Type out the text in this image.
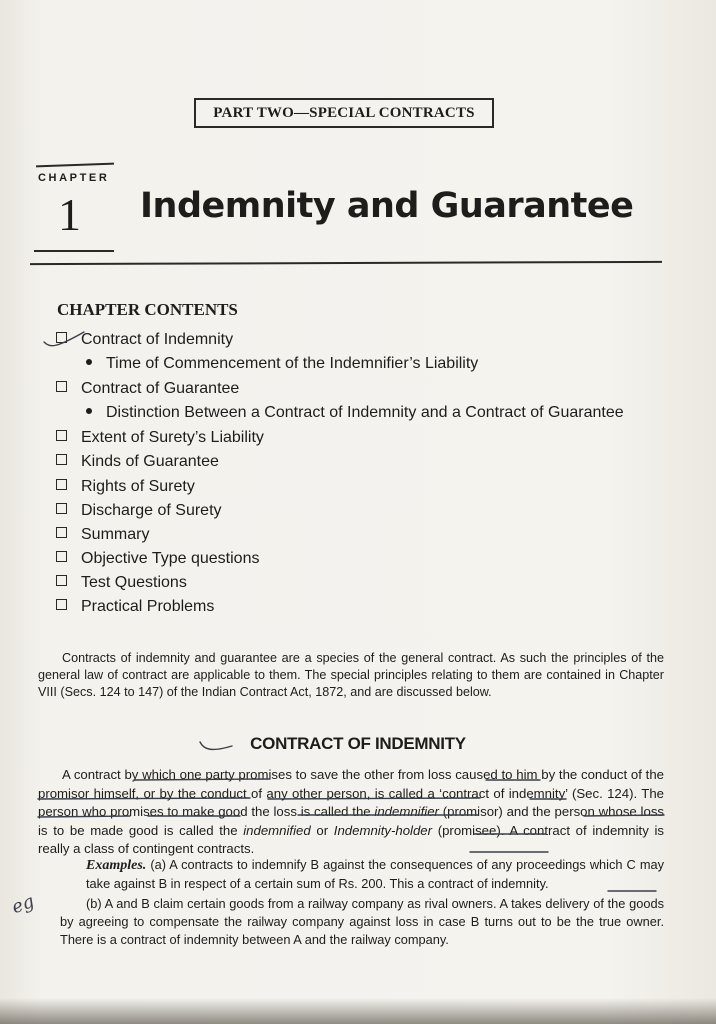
PART TWO—SPECIAL CONTRACTS
CHAPTER
1 Indemnity and Guarantee
CHAPTER CONTENTS
Contract of Indemnity
Time of Commencement of the Indemnifier’s Liability
Contract of Guarantee
Distinction Between a Contract of Indemnity and a Contract of Guarantee
Extent of Surety’s Liability
Kinds of Guarantee
Rights of Surety
Discharge of Surety
Summary
Objective Type questions
Test Questions
Practical Problems
Contracts of indemnity and guarantee are a species of the general contract. As such the principles of the general law of contract are applicable to them. The special principles relating to them are contained in Chapter VIII (Secs. 124 to 147) of the Indian Contract Act, 1872, and are discussed below.
CONTRACT OF INDEMNITY
A contract by which one party promises to save the other from loss caused to him by the conduct of the promisor himself, or by the conduct of any other person, is called a ‘contract of indemnity’ (Sec. 124). The person who promises to make good the loss is called the indemnifier (promisor) and the person whose loss is to be made good is called the indemnified or Indemnity-holder (promisee). A contract of indemnity is really a class of contingent contracts.
Examples. (a) A contracts to indemnify B against the consequences of any proceedings which C may take against B in respect of a certain sum of Rs. 200. This a contract of indemnity.
(b) A and B claim certain goods from a railway company as rival owners. A takes delivery of the goods by agreeing to compensate the railway company against loss in case B turns out to be the true owner. There is a contract of indemnity between A and the railway company.
eg
